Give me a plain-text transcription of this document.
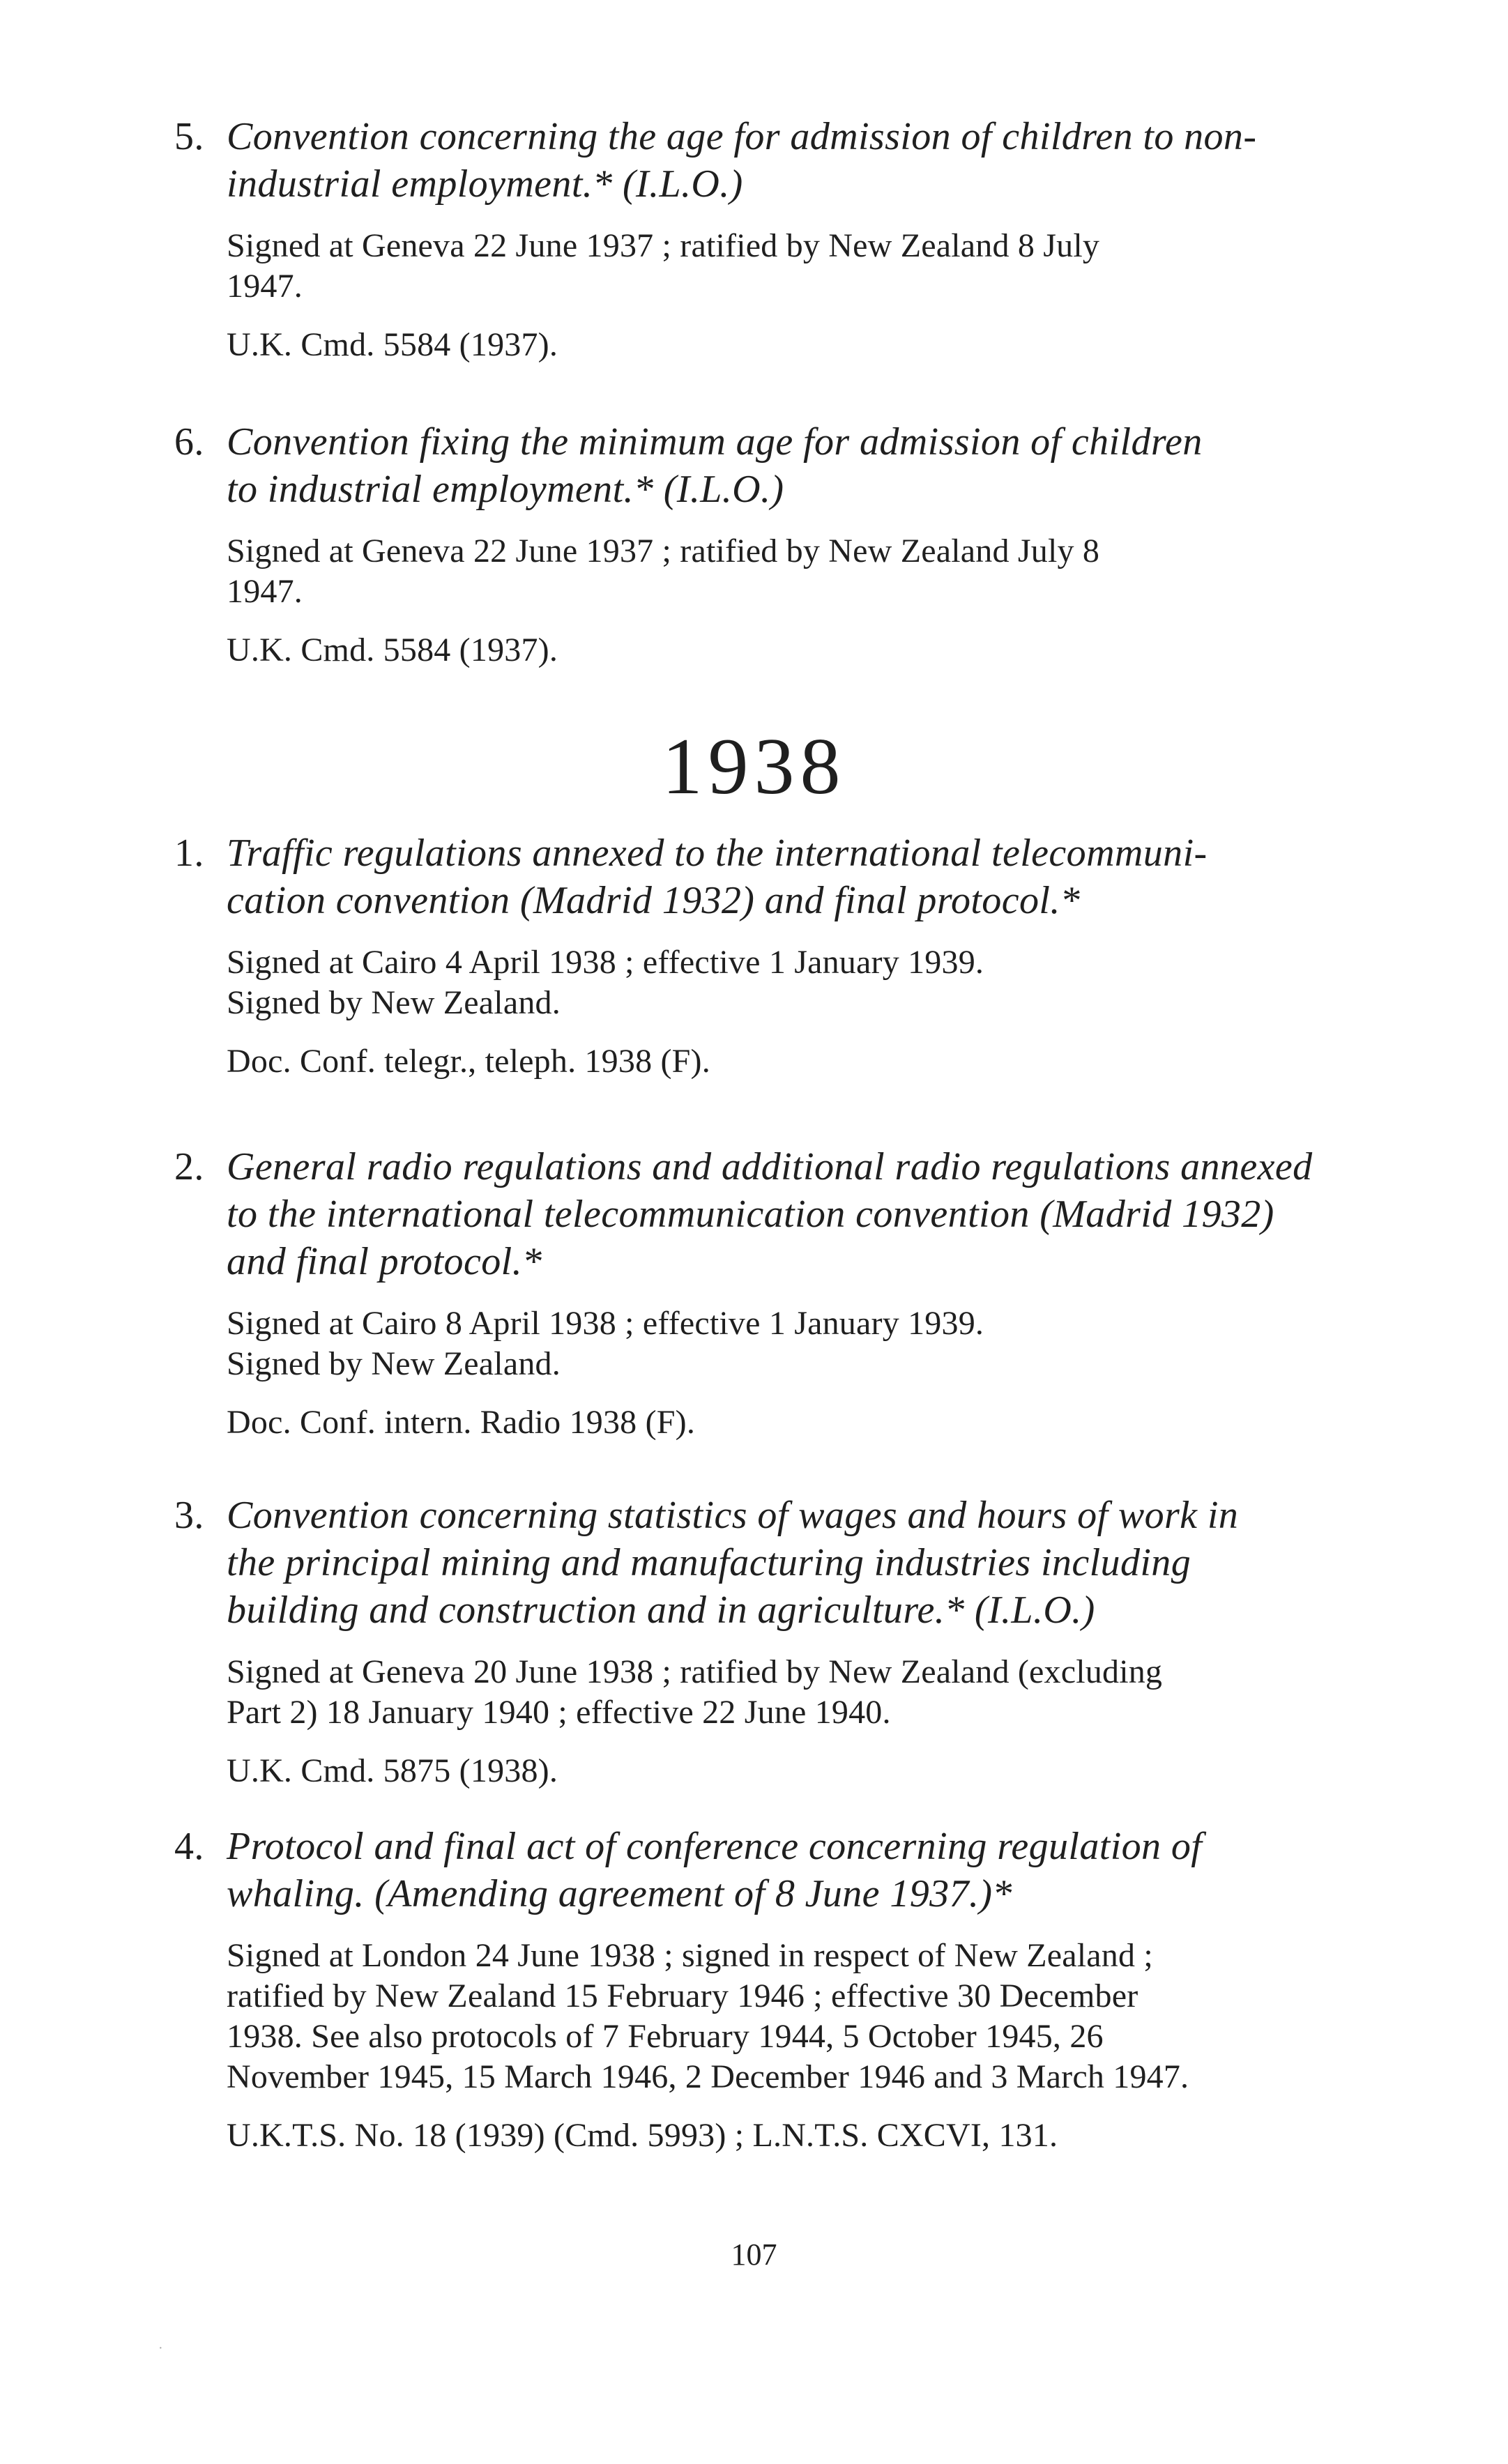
5. Convention concerning the age for admission of children to non-
industrial employment.* (I.L.O.)
Signed at Geneva 22 June 1937 ; ratified by New Zealand 8 July
1947.
U.K. Cmd. 5584 (1937).
6. Convention fixing the minimum age for admission of children
to industrial employment.* (I.L.O.)
Signed at Geneva 22 June 1937 ; ratified by New Zealand July 8
1947.
U.K. Cmd. 5584 (1937).
1938
1. Traffic regulations annexed to the international telecommuni-
cation convention (Madrid 1932) and final protocol.*
Signed at Cairo 4 April 1938 ; effective 1 January 1939.
Signed by New Zealand.
Doc. Conf. telegr., teleph. 1938 (F).
2. General radio regulations and additional radio regulations annexed
to the international telecommunication convention (Madrid 1932)
and final protocol.*
Signed at Cairo 8 April 1938 ; effective 1 January 1939.
Signed by New Zealand.
Doc. Conf. intern. Radio 1938 (F).
3. Convention concerning statistics of wages and hours of work in
the principal mining and manufacturing industries including
building and construction and in agriculture.* (I.L.O.)
Signed at Geneva 20 June 1938 ; ratified by New Zealand (excluding
Part 2) 18 January 1940 ; effective 22 June 1940.
U.K. Cmd. 5875 (1938).
4. Protocol and final act of conference concerning regulation of
whaling. (Amending agreement of 8 June 1937.)*
Signed at London 24 June 1938 ; signed in respect of New Zealand ;
ratified by New Zealand 15 February 1946 ; effective 30 December
1938. See also protocols of 7 February 1944, 5 October 1945, 26
November 1945, 15 March 1946, 2 December 1946 and 3 March 1947.
U.K.T.S. No. 18 (1939) (Cmd. 5993) ; L.N.T.S. CXCVI, 131.
107
·
